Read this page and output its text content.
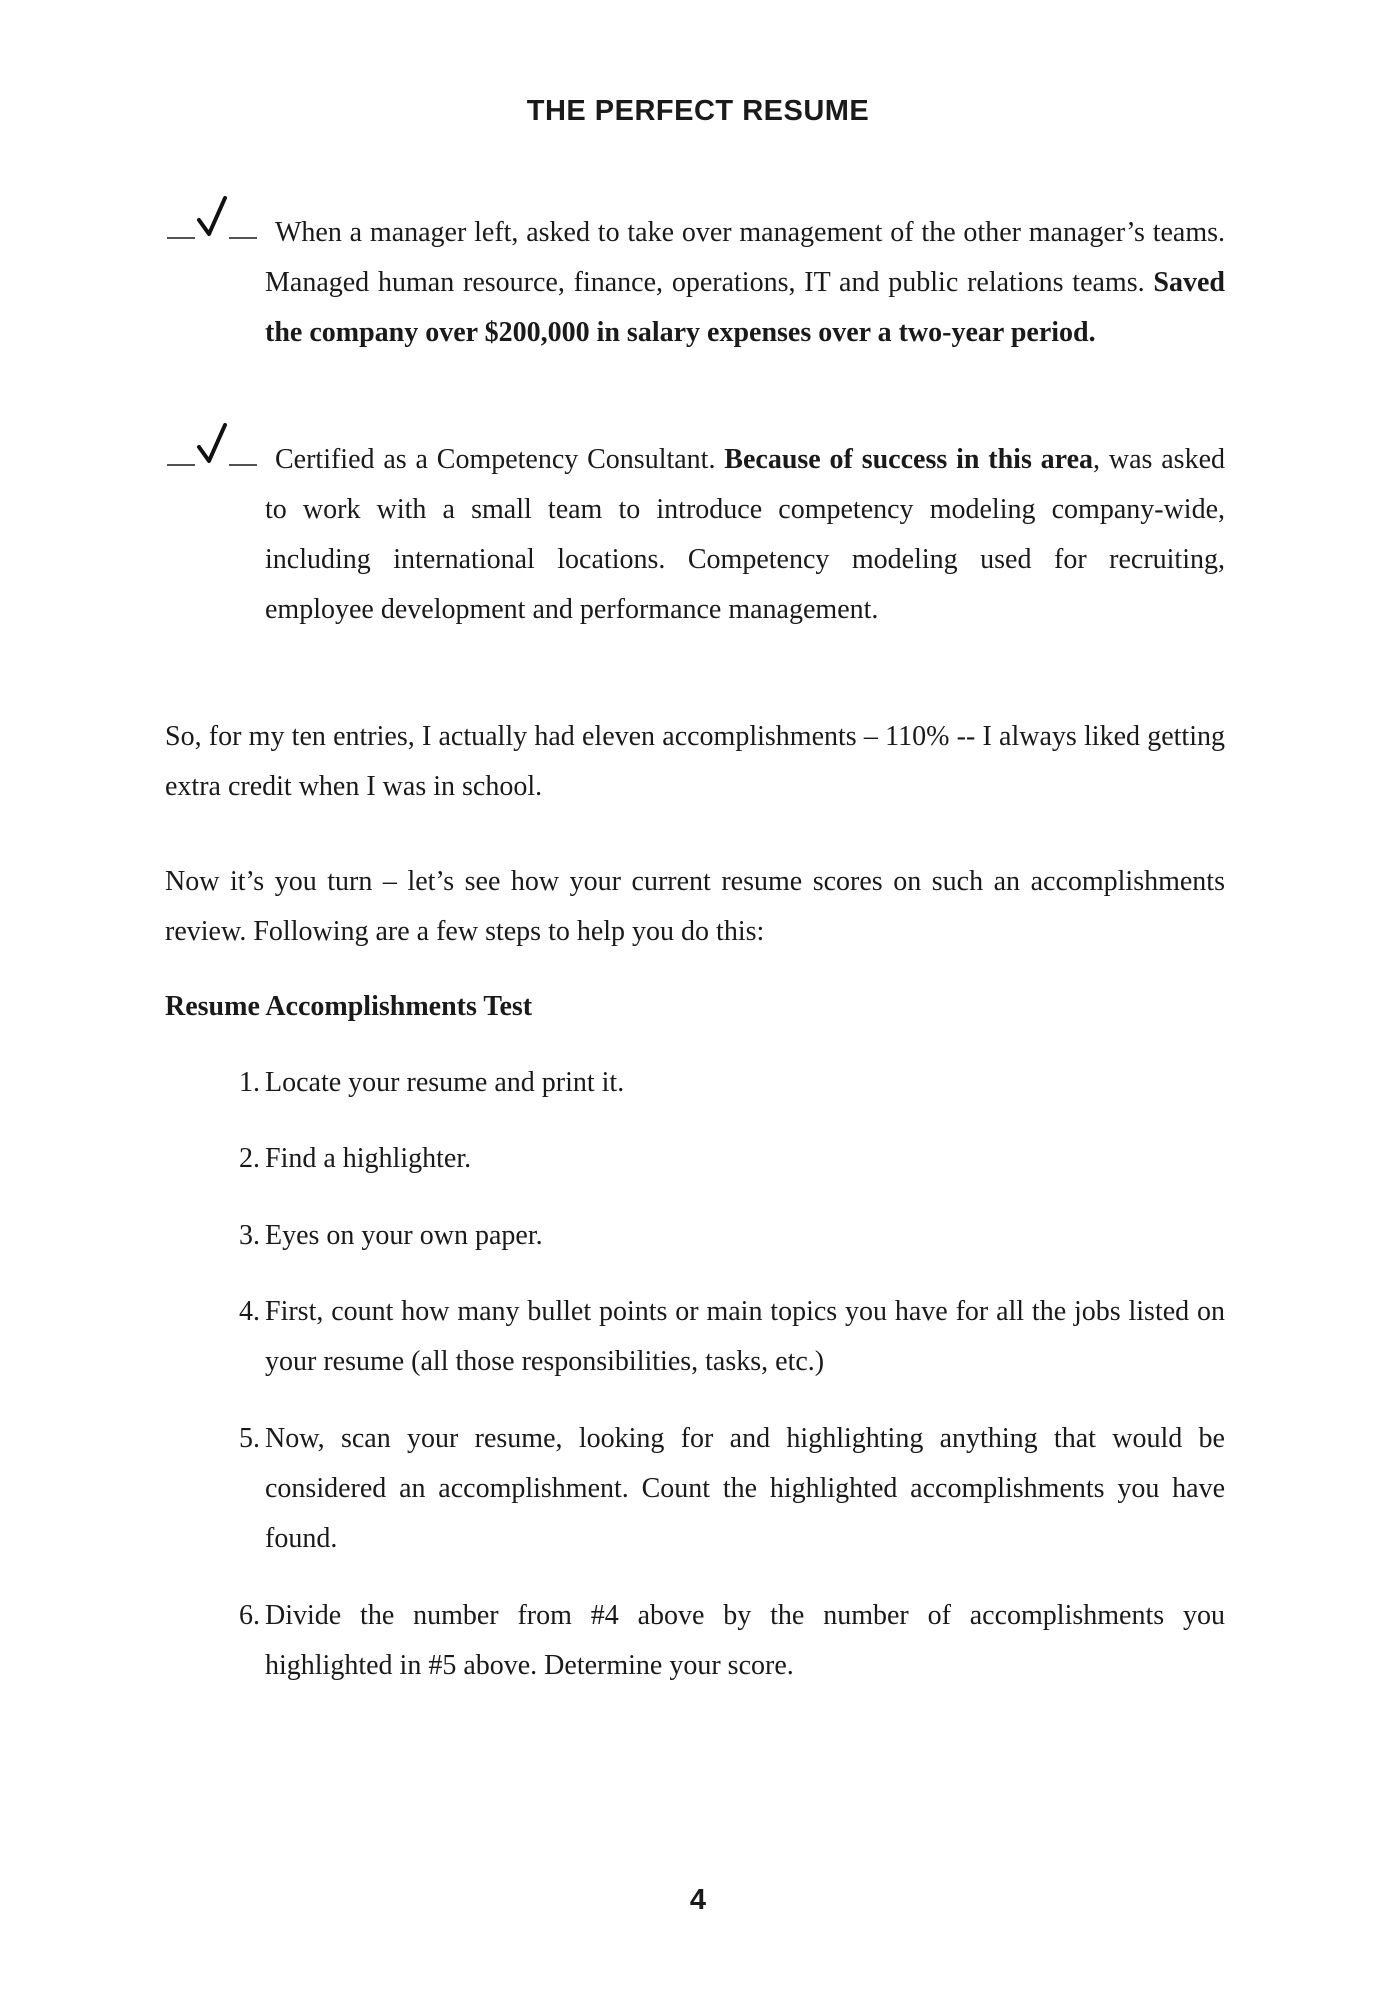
THE PERFECT RESUME
When a manager left, asked to take over management of the other manager’s teams. Managed human resource, finance, operations, IT and public relations teams. Saved the company over $200,000 in salary expenses over a two-year period.
Certified as a Competency Consultant. Because of success in this area, was asked to work with a small team to introduce competency modeling company-wide, including international locations. Competency modeling used for recruiting, employee development and performance management.
So, for my ten entries, I actually had eleven accomplishments – 110% -- I always liked getting extra credit when I was in school.
Now it’s you turn – let’s see how your current resume scores on such an accomplishments review. Following are a few steps to help you do this:
Resume Accomplishments Test
1. Locate your resume and print it.
2. Find a highlighter.
3. Eyes on your own paper.
4. First, count how many bullet points or main topics you have for all the jobs listed on your resume (all those responsibilities, tasks, etc.)
5. Now, scan your resume, looking for and highlighting anything that would be considered an accomplishment. Count the highlighted accomplishments you have found.
6. Divide the number from #4 above by the number of accomplishments you highlighted in #5 above. Determine your score.
4
